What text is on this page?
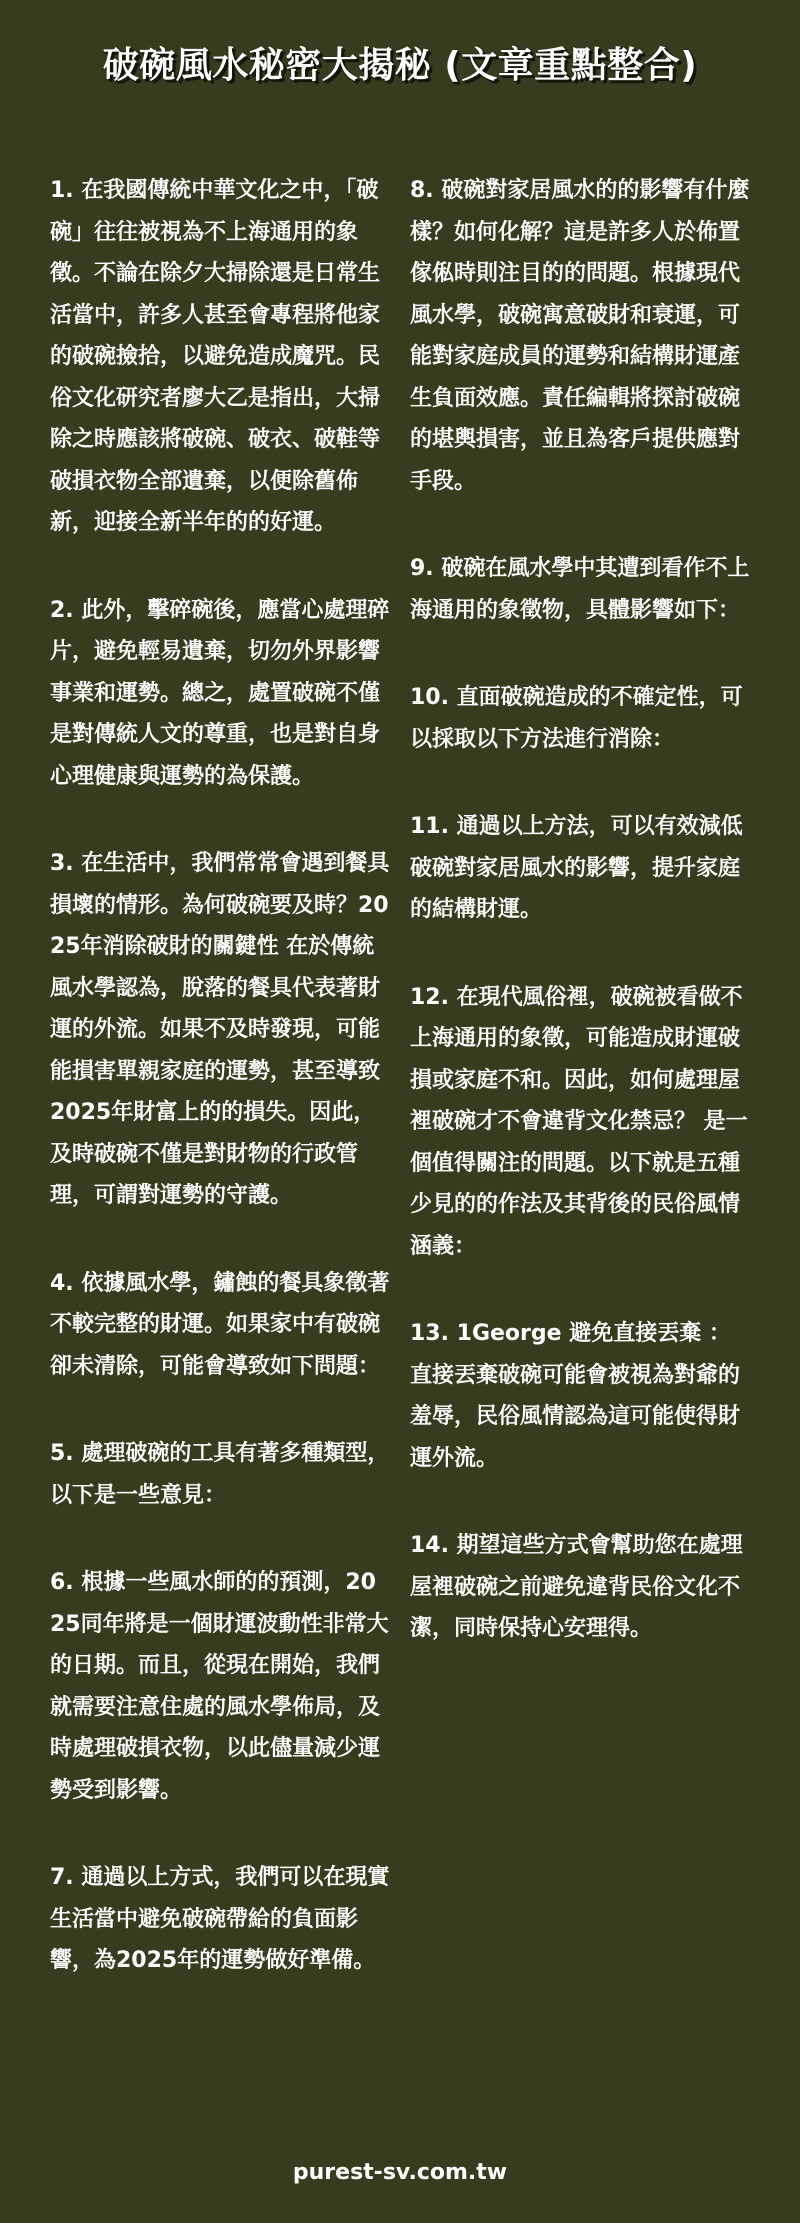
破碗風水秘密大揭秘 (文章重點整合)

1. 在我國傳統中華文化之中，「破碗」往往被視為不上海通用的象徵。不論在除夕大掃除還是日常生活當中，許多人甚至會專程將他家的破碗撿拾，以避免造成魔咒。民俗文化研究者廖大乙是指出，大掃除之時應該將破碗、破衣、破鞋等破損衣物全部遺棄，以便除舊佈新，迎接全新半年的的好運。

2. 此外，擊碎碗後，應當心處理碎片，避免輕易遺棄，切勿外界影響事業和運勢。總之，處置破碗不僅是對傳統人文的尊重，也是對自身心理健康與運勢的為保護。

3. 在生活中，我們常常會遇到餐具損壞的情形。為何破碗要及時？2025年消除破財的關鍵性 在於傳統風水學認為，脫落的餐具代表著財運的外流。如果不及時發現，可能能損害單親家庭的運勢，甚至導致2025年財富上的的損失。因此，及時破碗不僅是對財物的行政管理，可謂對運勢的守護。

4. 依據風水學，鏽蝕的餐具象徵著不較完整的財運。如果家中有破碗卻未清除，可能會導致如下問題：

5. 處理破碗的工具有著多種類型，以下是一些意見：

6. 根據一些風水師的的預測，2025同年將是一個財運波動性非常大的日期。而且，從現在開始，我們就需要注意住處的風水學佈局，及時處理破損衣物，以此儘量減少運勢受到影響。

7. 通過以上方式，我們可以在現實生活當中避免破碗帶給的負面影響，為2025年的運勢做好準備。

8. 破碗對家居風水的的影響有什麼樣？如何化解？這是許多人於佈置傢俬時則注目的的問題。根據現代風水學，破碗寓意破財和衰運，可能對家庭成員的運勢和結構財運產生負面效應。責任編輯將探討破碗的堪輿損害，並且為客戶提供應對手段。

9. 破碗在風水學中其遭到看作不上海通用的象徵物，具體影響如下：

10. 直面破碗造成的不確定性，可以採取以下方法進行消除：

11. 通過以上方法，可以有效減低破碗對家居風水的影響，提升家庭的結構財運。

12. 在現代風俗裡，破碗被看做不上海通用的象徵，可能造成財運破損或家庭不和。因此，如何處理屋裡破碗才不會違背文化禁忌？ 是一個值得關注的問題。以下就是五種少見的的作法及其背後的民俗風情涵義：

13. 1George 避免直接丟棄 ：直接丟棄破碗可能會被視為對爺的羞辱，民俗風情認為這可能使得財運外流。

14. 期望這些方式會幫助您在處理屋裡破碗之前避免違背民俗文化不潔，同時保持心安理得。

purest-sv.com.tw
